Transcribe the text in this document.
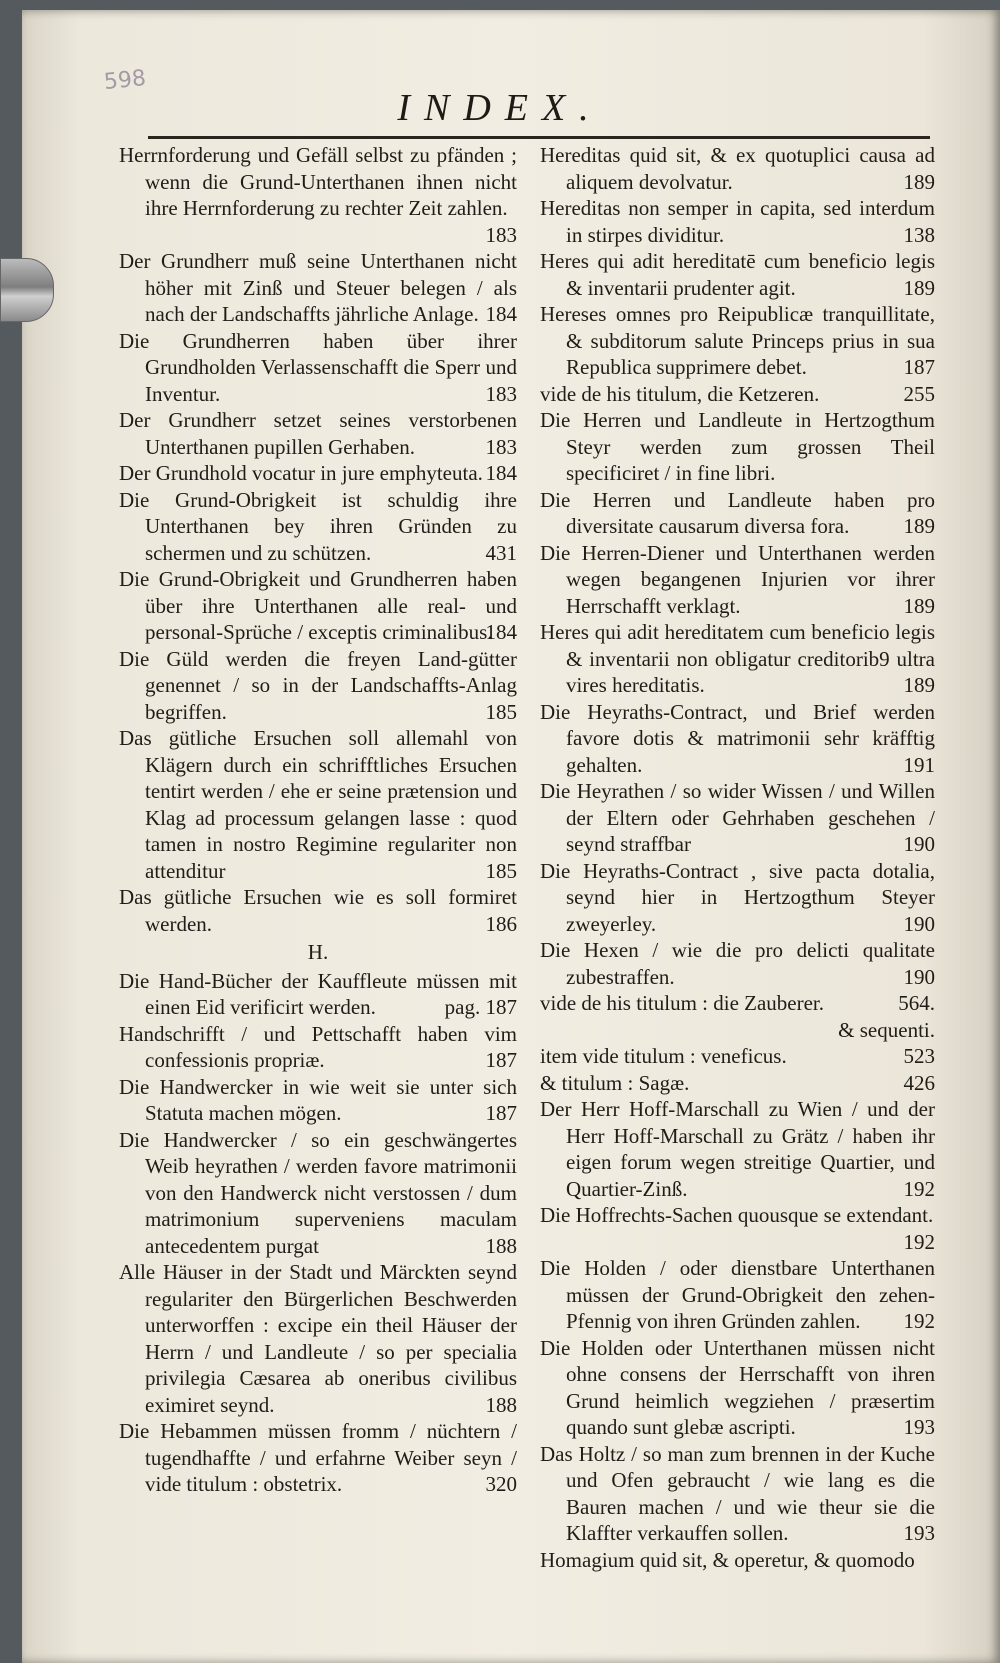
598
INDEX.
Herrnforderung und Gefäll selbst zu pfänden ; wenn die Grund-Unterthanen ihnen nicht ihre Herrnforderung zu rechter Zeit zahlen.
183
Der Grundherr muß seine Unterthanen nicht höher mit Zinß und Steuer belegen / als nach der Landschaffts jährliche Anlage. 184
Die Grundherren haben über ihrer Grundholden Verlassenschafft die Sperr und Inventur.	183
Der Grundherr setzet seines verstorbenen Unterthanen pupillen Gerhaben.	183
Der Grundhold vocatur in jure emphyteuta. 184
Die Grund-Obrigkeit ist schuldig ihre Unterthanen bey ihren Gründen zu schermen und zu schützen.	431
Die Grund-Obrigkeit und Grundherren haben über ihre Unterthanen alle real- und personal-Sprüche / exceptis criminalibus.
184
Die Güld werden die freyen Land-gütter genennet / so in der Landschaffts-Anlag begriffen.	185
Das gütliche Ersuchen soll allemahl von Klägern durch ein schrifftliches Ersuchen tentirt werden / ehe er seine prætension und Klag ad processum gelangen lasse : quod tamen in nostro Regimine regulariter non attenditur	185
Das gütliche Ersuchen wie es soll formiret werden.	186
H.
Die Hand-Bücher der Kauffleute müssen mit einen Eid verificirt werden.	pag. 187
Handschrifft / und Pettschafft haben vim confessionis propriæ.	187
Die Handwercker in wie weit sie unter sich Statuta machen mögen.	187
Die Handwercker / so ein geschwängertes Weib heyrathen / werden favore matrimonii von den Handwerck nicht verstossen / dum matrimonium superveniens maculam antecedentem purgat	188
Alle Häuser in der Stadt und Märckten seynd regulariter den Bürgerlichen Beschwerden unterworffen : excipe ein theil Häuser der Herrn / und Landleute / so per specialia privilegia Cæsarea ab oneribus civilibus eximiret seynd.	188
Die Hebammen müssen fromm / nüchtern / tugendhaffte / und erfahrne Weiber seyn / vide titulum : obstetrix.	320
Hereditas quid sit, & ex quotuplici causa ad aliquem devolvatur.	189
Hereditas non semper in capita, sed interdum in stirpes dividitur.	138
Heres qui adit hereditatē cum beneficio legis & inventarii prudenter agit.	189
Hereses omnes pro Reipublicæ tranquillitate, & subditorum salute Princeps prius in sua Republica supprimere debet.	187
vide de his titulum, die Ketzeren.	255
Die Herren und Landleute in Hertzogthum Steyr werden zum grossen Theil specificiret / in fine libri.
Die Herren und Landleute haben pro diversitate causarum diversa fora.	189
Die Herren-Diener und Unterthanen werden wegen begangenen Injurien vor ihrer Herrschafft verklagt.	189
Heres qui adit hereditatem cum beneficio legis & inventarii non obligatur creditorib9 ultra vires hereditatis.	189
Die Heyraths-Contract, und Brief werden favore dotis & matrimonii sehr kräfftig gehalten.	191
Die Heyrathen / so wider Wissen / und Willen der Eltern oder Gehrhaben geschehen / seynd straffbar	190
Die Heyraths-Contract , sive pacta dotalia, seynd hier in Hertzogthum Steyer zweyerley.	190
Die Hexen / wie die pro delicti qualitate zubestraffen.	190
vide de his titulum : die Zauberer.	564.
& sequenti.
item vide titulum : veneficus.	523
& titulum : Sagæ.	426
Der Herr Hoff-Marschall zu Wien / und der Herr Hoff-Marschall zu Grätz / haben ihr eigen forum wegen streitige Quartier, und Quartier-Zinß.	192
Die Hoffrechts-Sachen quousque se extendant.
192
Die Holden / oder dienstbare Unterthanen müssen der Grund-Obrigkeit den zehen-Pfennig von ihren Gründen zahlen. 192
Die Holden oder Unterthanen müssen nicht ohne consens der Herrschafft von ihren Grund heimlich wegziehen / præsertim quando sunt glebæ ascripti.	193
Das Holtz / so man zum brennen in der Kuche und Ofen gebraucht / wie lang es die Bauren machen / und wie theur sie die Klaffter verkauffen sollen.	193
Homagium quid sit, & operetur, & quomodo
